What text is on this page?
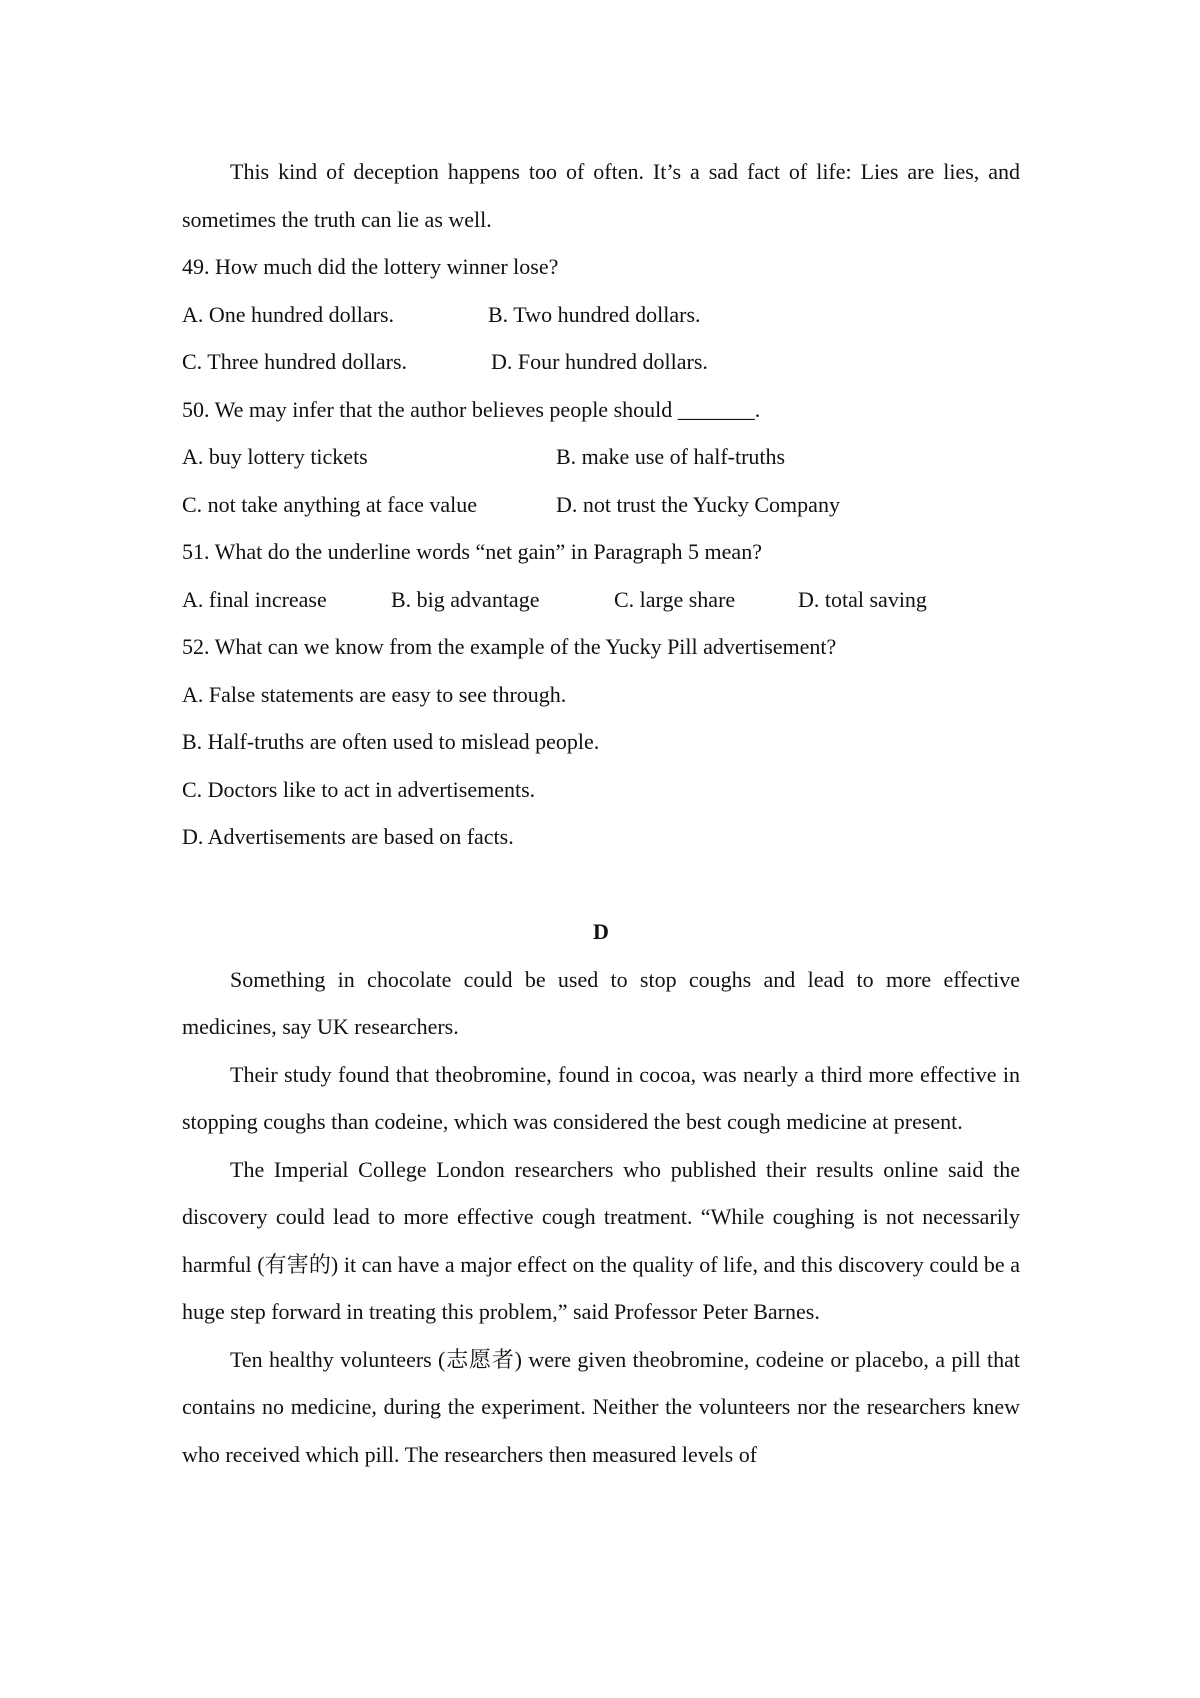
This kind of deception happens too of often. It’s a sad fact of life: Lies are lies, and sometimes the truth can lie as well.

49. How much did the lottery winner lose?
A. One hundred dollars.	B. Two hundred dollars.
C. Three hundred dollars.	D. Four hundred dollars.
50. We may infer that the author believes people should _______.
A. buy lottery tickets	B. make use of half-truths
C. not take anything at face value	D. not trust the Yucky Company
51. What do the underline words “net gain” in Paragraph 5 mean?
A. final increase	B. big advantage	C. large share	D. total saving
52. What can we know from the example of the Yucky Pill advertisement?
A. False statements are easy to see through.
B. Half-truths are often used to mislead people.
C. Doctors like to act in advertisements.
D. Advertisements are based on facts.
D

Something in chocolate could be used to stop coughs and lead to more effective medicines, say UK researchers.

Their study found that theobromine, found in cocoa, was nearly a third more effective in stopping coughs than codeine, which was considered the best cough medicine at present.

The Imperial College London researchers who published their results online said the discovery could lead to more effective cough treatment. “While coughing is not necessarily harmful (有害的) it can have a major effect on the quality of life, and this discovery could be a huge step forward in treating this problem,” said Professor Peter Barnes.

Ten healthy volunteers (志愿者) were given theobromine, codeine or placebo, a pill that contains no medicine, during the experiment. Neither the volunteers nor the researchers knew who received which pill. The researchers then measured levels of
